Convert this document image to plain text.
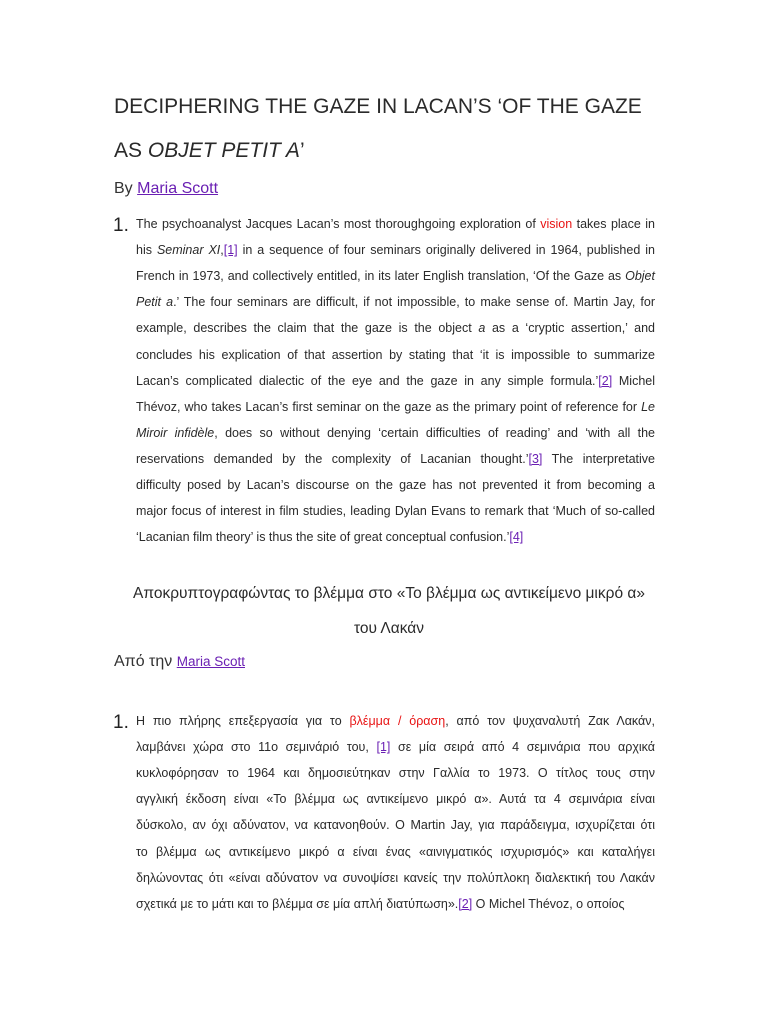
DECIPHERING THE GAZE IN LACAN’S ‘OF THE GAZE
AS OBJET PETIT A’
By Maria Scott
1. The psychoanalyst Jacques Lacan’s most thoroughgoing exploration of vision takes place in
his Seminar XI,[1] in a sequence of four seminars originally delivered in 1964, published in
French in 1973, and collectively entitled, in its later English translation, ‘Of the Gaze as Objet
Petit a.’ The four seminars are difficult, if not impossible, to make sense of. Martin Jay, for
example, describes the claim that the gaze is the object a as a ‘cryptic assertion,’ and
concludes his explication of that assertion by stating that ‘it is impossible to summarize
Lacan’s complicated dialectic of the eye and the gaze in any simple formula.’[2] Michel
Thévoz, who takes Lacan’s first seminar on the gaze as the primary point of reference for Le
Miroir infidèle, does so without denying ‘certain difficulties of reading’ and ‘with all the
reservations demanded by the complexity of Lacanian thought.’[3] The interpretative
difficulty posed by Lacan’s discourse on the gaze has not prevented it from becoming a
major focus of interest in film studies, leading Dylan Evans to remark that ‘Much of so-called
‘Lacanian film theory’ is thus the site of great conceptual confusion.’[4]
Αποκρυπτογραφώντας το βλέμμα στο «Το βλέμμα ως αντικείμενο μικρό α»
του Λακάν
Από την Maria Scott
1. Η πιο πλήρης επεξεργασία για το βλέμμα / όραση, από τον ψυχαναλυτή Ζακ Λακάν,
λαμβάνει χώρα στο 11ο σεμινάριό του, [1] σε μία σειρά από 4 σεμινάρια που αρχικά
κυκλοφόρησαν το 1964 και δημοσιεύτηκαν στην Γαλλία το 1973. Ο τίτλος τους στην
αγγλική έκδοση είναι «Το βλέμμα ως αντικείμενο μικρό α». Αυτά τα 4 σεμινάρια είναι
δύσκολο, αν όχι αδύνατον, να κατανοηθούν. Ο Martin Jay, για παράδειγμα, ισχυρίζεται ότι
το βλέμμα ως αντικείμενο μικρό α είναι ένας «αινιγματικός ισχυρισμός» και καταλήγει
δηλώνοντας ότι «είναι αδύνατον να συνοψίσει κανείς την πολύπλοκη διαλεκτική του Λακάν
σχετικά με το μάτι και το βλέμμα σε μία απλή διατύπωση».[2] Ο Michel Thévoz, ο οποίος
